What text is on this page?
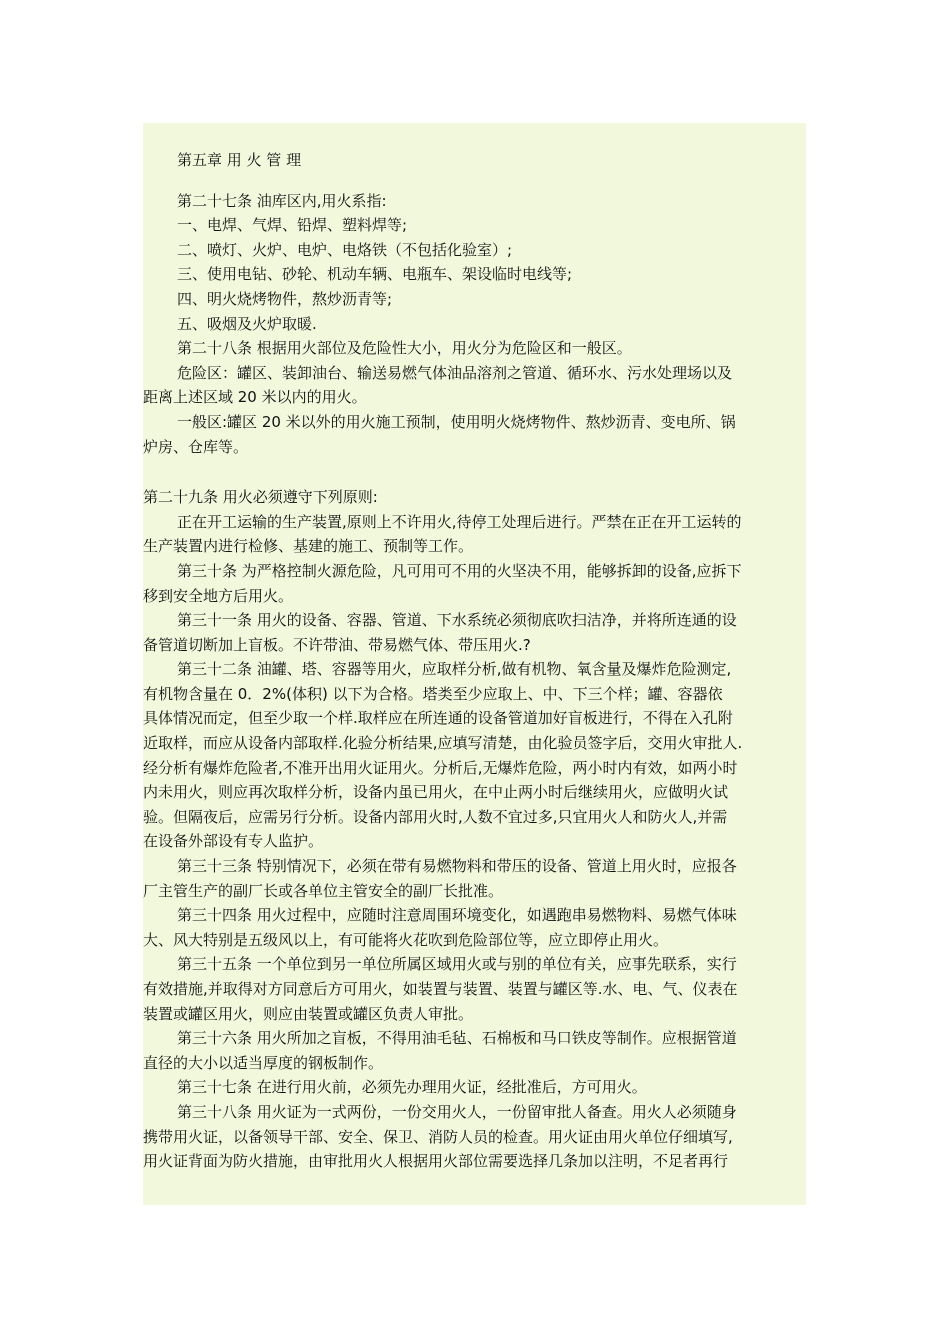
第五章 用 火 管 理
第二十七条 油库区内,用火系指:
一、电焊、气焊、铅焊、塑料焊等;
二、喷灯、火炉、电炉、电烙铁（不包括化验室）;
三、使用电钻、砂轮、机动车辆、电瓶车、架设临时电线等;
四、明火烧烤物件，熬炒沥青等;
五、吸烟及火炉取暖.
第二十八条 根据用火部位及危险性大小，用火分为危险区和一般区。
危险区：罐区、装卸油台、输送易燃气体油品溶剂之管道、循环水、污水处理场以及
距离上述区域 20 米以内的用火。
一般区:罐区 20 米以外的用火施工预制，使用明火烧烤物件、熬炒沥青、变电所、锅
炉房、仓库等。
第二十九条 用火必须遵守下列原则:
正在开工运输的生产装置,原则上不许用火,待停工处理后进行。严禁在正在开工运转的
生产装置内进行检修、基建的施工、预制等工作。
第三十条 为严格控制火源危险，凡可用可不用的火坚决不用，能够拆卸的设备,应拆下
移到安全地方后用火。
第三十一条 用火的设备、容器、管道、下水系统必须彻底吹扫洁净，并将所连通的设
备管道切断加上盲板。不许带油、带易燃气体、带压用火.?
第三十二条 油罐、塔、容器等用火，应取样分析,做有机物、氧含量及爆炸危险测定,
有机物含量在 0．2%(体积) 以下为合格。塔类至少应取上、中、下三个样；罐、容器依
具体情况而定，但至少取一个样.取样应在所连通的设备管道加好盲板进行，不得在入孔附
近取样，而应从设备内部取样.化验分析结果,应填写清楚，由化验员签字后，交用火审批人.
经分析有爆炸危险者,不准开出用火证用火。分析后,无爆炸危险，两小时内有效，如两小时
内未用火，则应再次取样分析，设备内虽已用火，在中止两小时后继续用火，应做明火试
验。但隔夜后，应需另行分析。设备内部用火时,人数不宜过多,只宜用火人和防火人,并需
在设备外部设有专人监护。
第三十三条 特别情况下，必须在带有易燃物料和带压的设备、管道上用火时，应报各
厂主管生产的副厂长或各单位主管安全的副厂长批准。
第三十四条 用火过程中，应随时注意周围环境变化，如遇跑串易燃物料、易燃气体味
大、风大特别是五级风以上，有可能将火花吹到危险部位等，应立即停止用火。
第三十五条 一个单位到另一单位所属区域用火或与别的单位有关，应事先联系，实行
有效措施,并取得对方同意后方可用火，如装置与装置、装置与罐区等.水、电、气、仪表在
装置或罐区用火，则应由装置或罐区负责人审批。
第三十六条 用火所加之盲板，不得用油毛毡、石棉板和马口铁皮等制作。应根据管道
直径的大小以适当厚度的钢板制作。
第三十七条 在进行用火前，必须先办理用火证，经批准后，方可用火。
第三十八条 用火证为一式两份，一份交用火人，一份留审批人备查。用火人必须随身
携带用火证，以备领导干部、安全、保卫、消防人员的检查。用火证由用火单位仔细填写,
用火证背面为防火措施，由审批用火人根据用火部位需要选择几条加以注明，不足者再行
